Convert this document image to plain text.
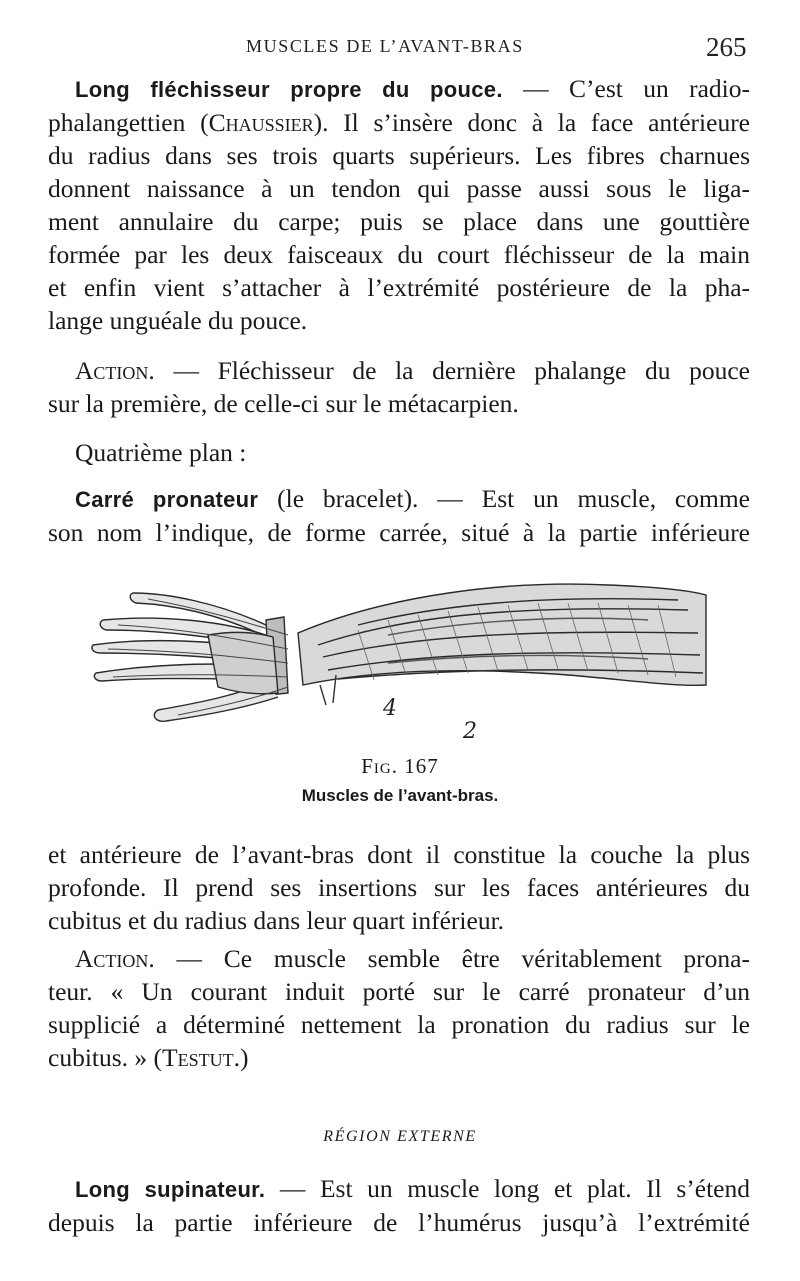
MUSCLES DE L’AVANT-BRAS	265
Long fléchisseur propre du pouce. — C’est un radio-
phalangettien (Chaussier). Il s’insère donc à la face antérieure
du radius dans ses trois quarts supérieurs. Les fibres charnues
donnent naissance à un tendon qui passe aussi sous le liga-
ment annulaire du carpe; puis se place dans une gouttière
formée par les deux faisceaux du court fléchisseur de la main
et enfin vient s’attacher à l’extrémité postérieure de la pha-
lange unguéale du pouce.
Action. — Fléchisseur de la dernière phalange du pouce
sur la première, de celle-ci sur le métacarpien.
Quatrième plan :
Carré pronateur (le bracelet). — Est un muscle, comme
son nom l’indique, de forme carrée, situé à la partie inférieure
4
2
Fig. 167
Muscles de l’avant-bras.
et antérieure de l’avant-bras dont il constitue la couche la plus
profonde. Il prend ses insertions sur les faces antérieures du
cubitus et du radius dans leur quart inférieur.
Action. — Ce muscle semble être véritablement prona-
teur. « Un courant induit porté sur le carré pronateur d’un
supplicié a déterminé nettement la pronation du radius sur le
cubitus. » (Testut.)
RÉGION EXTERNE
Long supinateur. — Est un muscle long et plat. Il s’étend
depuis la partie inférieure de l’humérus jusqu’à l’extrémité
